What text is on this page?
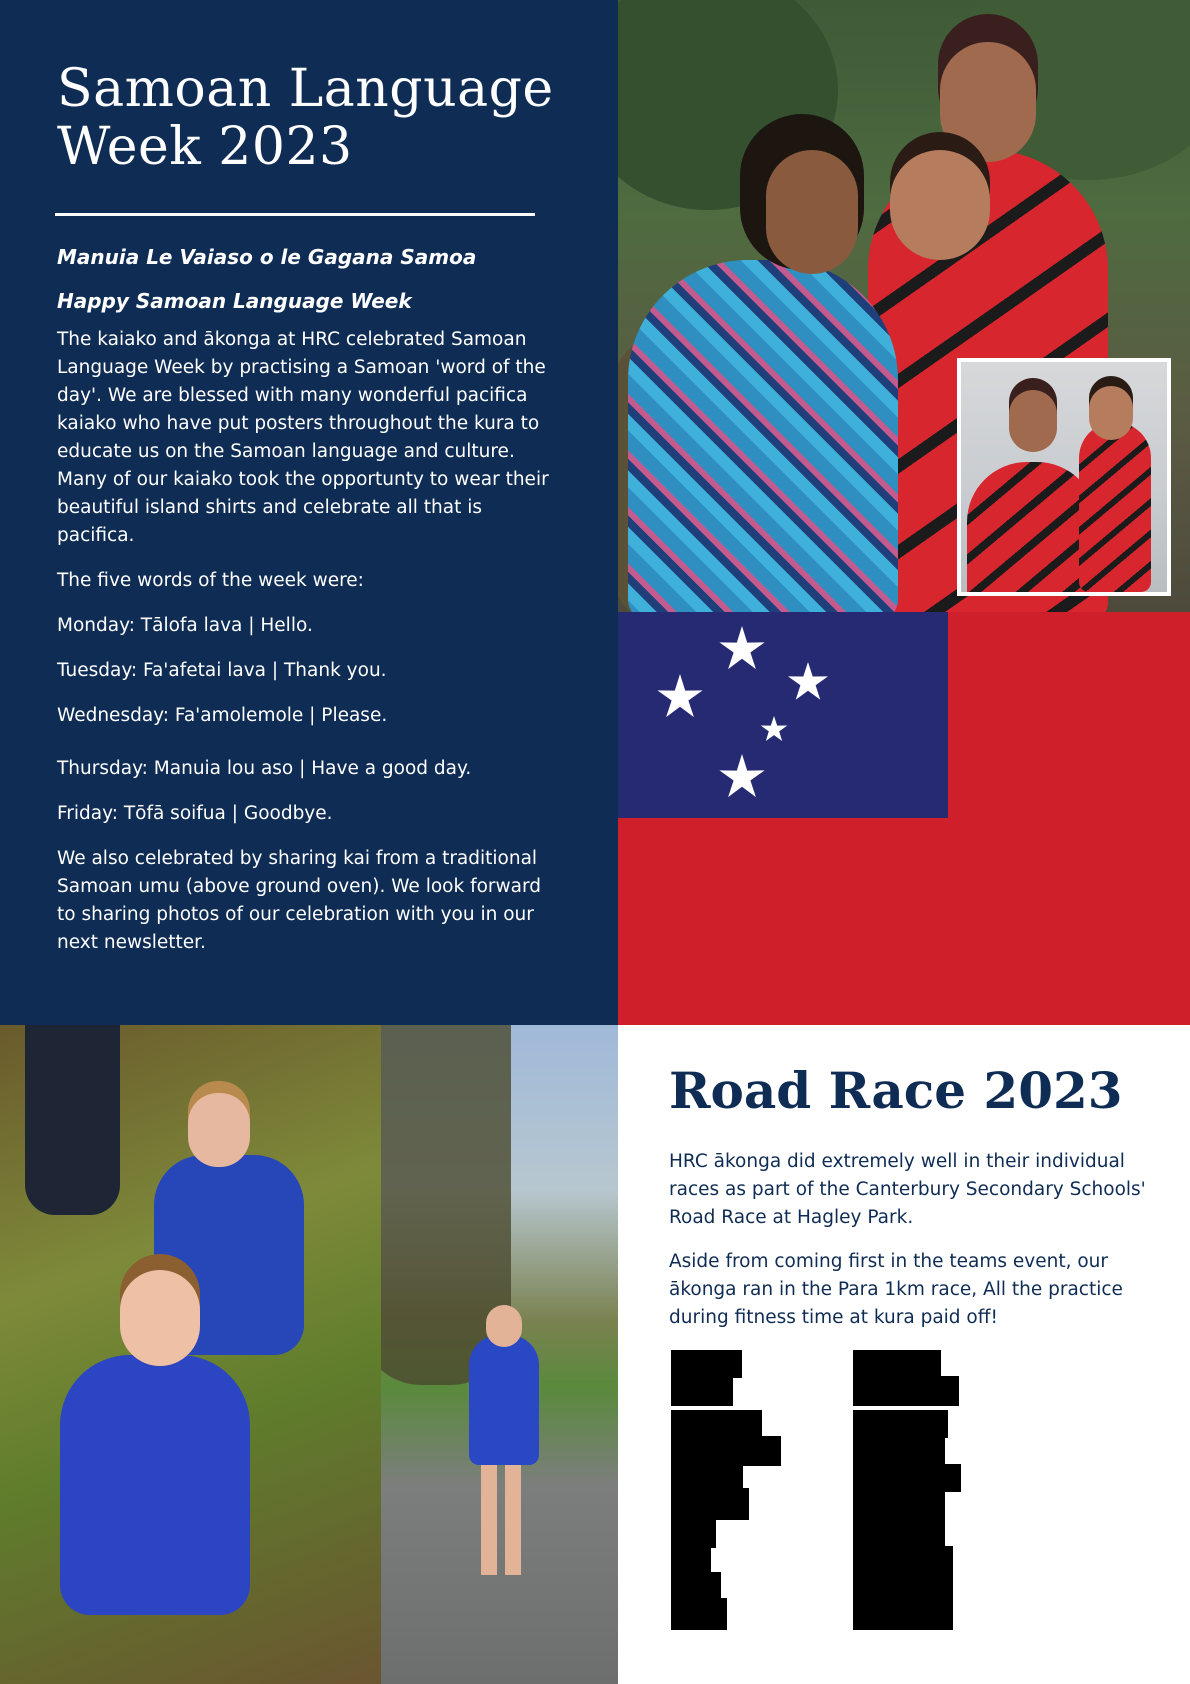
Samoan Language Week 2023

Manuia Le Vaiaso o le Gagana Samoa

Happy Samoan Language Week

The kaiako and ākonga at HRC celebrated Samoan Language Week by practising a Samoan 'word of the day'. We are blessed with many wonderful pacifica kaiako who have put posters throughout the kura to educate us on the Samoan language and culture. Many of our kaiako took the opportunty to wear their beautiful island shirts and celebrate all that is pacifica.

The five words of the week were:

Monday: Tālofa lava | Hello.

Tuesday: Fa'afetai lava | Thank you.

Wednesday: Fa'amolemole | Please.

Thursday: Manuia lou aso | Have a good day.

Friday: Tōfā soifua | Goodbye.

We also celebrated by sharing kai from a traditional Samoan umu (above ground oven). We look forward to sharing photos of our celebration with you in our next newsletter.

Road Race 2023

HRC ākonga did extremely well in their individual races as part of the Canterbury Secondary Schools' Road Race at Hagley Park.

Aside from coming first in the teams event, our ākonga ran in the Para 1km race, All the practice during fitness time at kura paid off!
